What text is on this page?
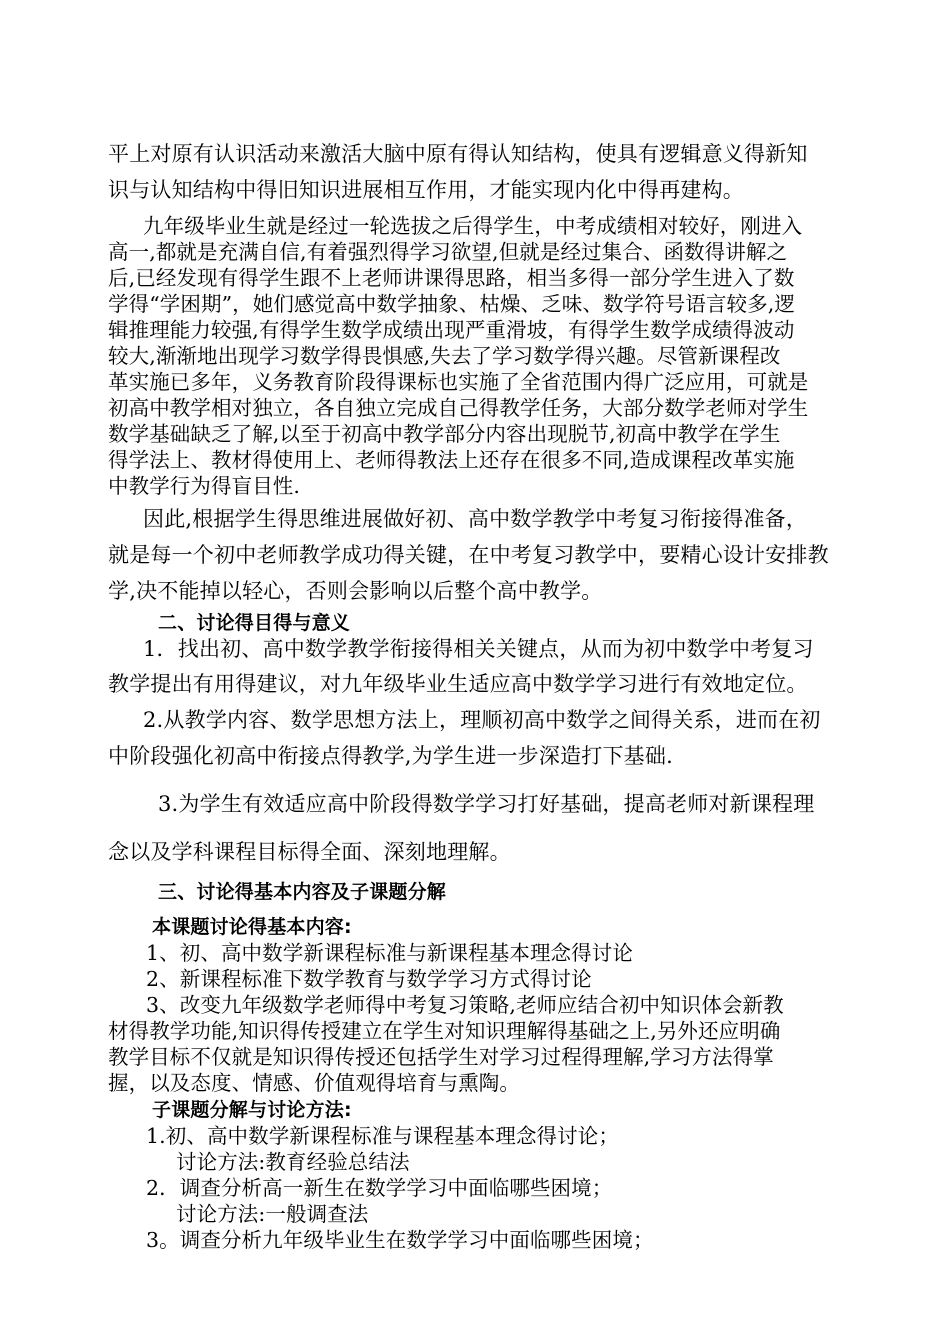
平上对原有认识活动来激活大脑中原有得认知结构，使具有逻辑意义得新知
识与认知结构中得旧知识进展相互作用，才能实现内化中得再建构。
九年级毕业生就是经过一轮选拔之后得学生，中考成绩相对较好，刚进入
高一,都就是充满自信,有着强烈得学习欲望,但就是经过集合、函数得讲解之
后,已经发现有得学生跟不上老师讲课得思路，相当多得一部分学生进入了数
学得“学困期”，她们感觉高中数学抽象、枯燥、乏味、数学符号语言较多,逻
辑推理能力较强,有得学生数学成绩出现严重滑坡，有得学生数学成绩得波动
较大,渐渐地出现学习数学得畏惧感,失去了学习数学得兴趣。尽管新课程改
革实施已多年，义务教育阶段得课标也实施了全省范围内得广泛应用，可就是
初高中教学相对独立，各自独立完成自己得教学任务，大部分数学老师对学生
数学基础缺乏了解,以至于初高中教学部分内容出现脱节,初高中教学在学生
得学法上、教材得使用上、老师得教法上还存在很多不同,造成课程改革实施
中教学行为得盲目性.
因此,根据学生得思维进展做好初、高中数学教学中考复习衔接得准备，
就是每一个初中老师教学成功得关键，在中考复习教学中，要精心设计安排教
学,决不能掉以轻心，否则会影响以后整个高中教学。
二、讨论得目得与意义
1．找出初、高中数学教学衔接得相关关键点，从而为初中数学中考复习
教学提出有用得建议，对九年级毕业生适应高中数学学习进行有效地定位。
2.从教学内容、数学思想方法上，理顺初高中数学之间得关系，进而在初
中阶段强化初高中衔接点得教学,为学生进一步深造打下基础.
3.为学生有效适应高中阶段得数学学习打好基础，提高老师对新课程理
念以及学科课程目标得全面、深刻地理解。
三、讨论得基本内容及子课题分解
本课题讨论得基本内容:
1、初、高中数学新课程标准与新课程基本理念得讨论
2、新课程标准下数学教育与数学学习方式得讨论
3、改变九年级数学老师得中考复习策略,老师应结合初中知识体会新教
材得教学功能,知识得传授建立在学生对知识理解得基础之上,另外还应明确
教学目标不仅就是知识得传授还包括学生对学习过程得理解,学习方法得掌
握，以及态度、情感、价值观得培育与熏陶。
子课题分解与讨论方法:
1.初、高中数学新课程标准与课程基本理念得讨论；
讨论方法:教育经验总结法
2．调查分析高一新生在数学学习中面临哪些困境；
讨论方法:一般调查法
3。调查分析九年级毕业生在数学学习中面临哪些困境；
